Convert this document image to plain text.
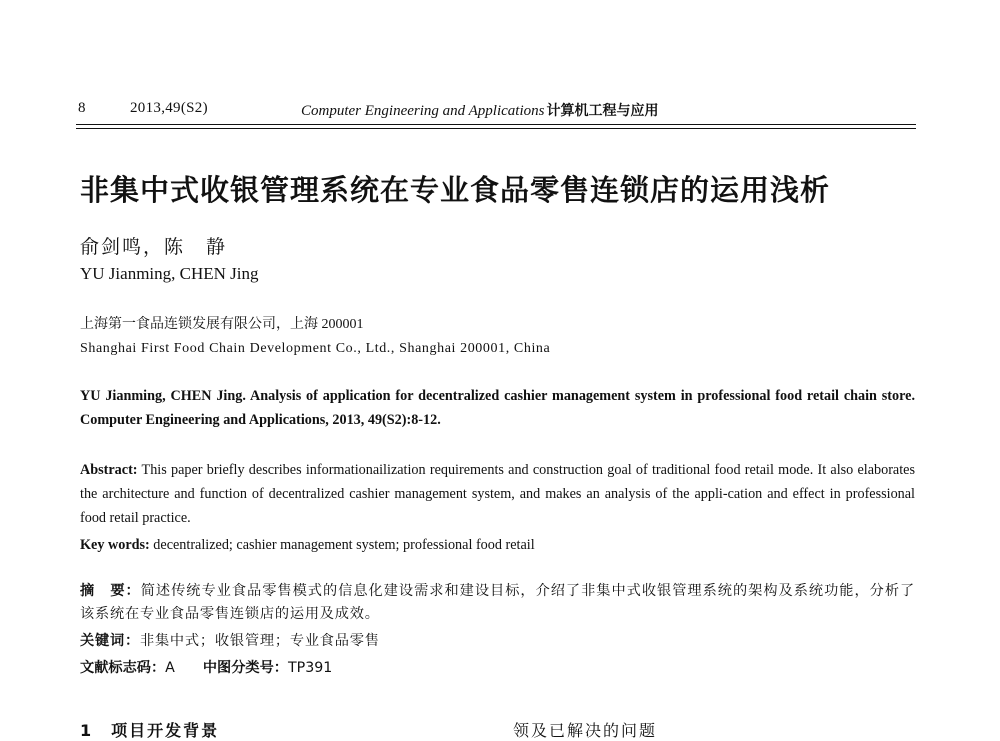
8	2013,49(S2)	Computer Engineering and Applications 计算机工程与应用
非集中式收银管理系统在专业食品零售连锁店的运用浅析
俞剑鸣，陈　静
YU Jianming, CHEN Jing
上海第一食品连锁发展有限公司，上海 200001
Shanghai First Food Chain Development Co., Ltd., Shanghai 200001, China
YU Jianming, CHEN Jing. Analysis of application for decentralized cashier management system in professional food retail chain store. Computer Engineering and Applications, 2013, 49(S2):8-12.
Abstract: This paper briefly describes informationailization requirements and construction goal of traditional food retail mode. It also elaborates the architecture and function of decentralized cashier management system, and makes an analysis of the appli-cation and effect in professional food retail practice.
Key words: decentralized; cashier management system; professional food retail
摘　要：简述传统专业食品零售模式的信息化建设需求和建设目标，介绍了非集中式收银管理系统的架构及系统功能，分析了该系统在专业食品零售连锁店的运用及成效。
关键词：非集中式；收银管理；专业食品零售
文献标志码：A 中图分类号：TP391
1　项目开发背景	领及已解决的问题
